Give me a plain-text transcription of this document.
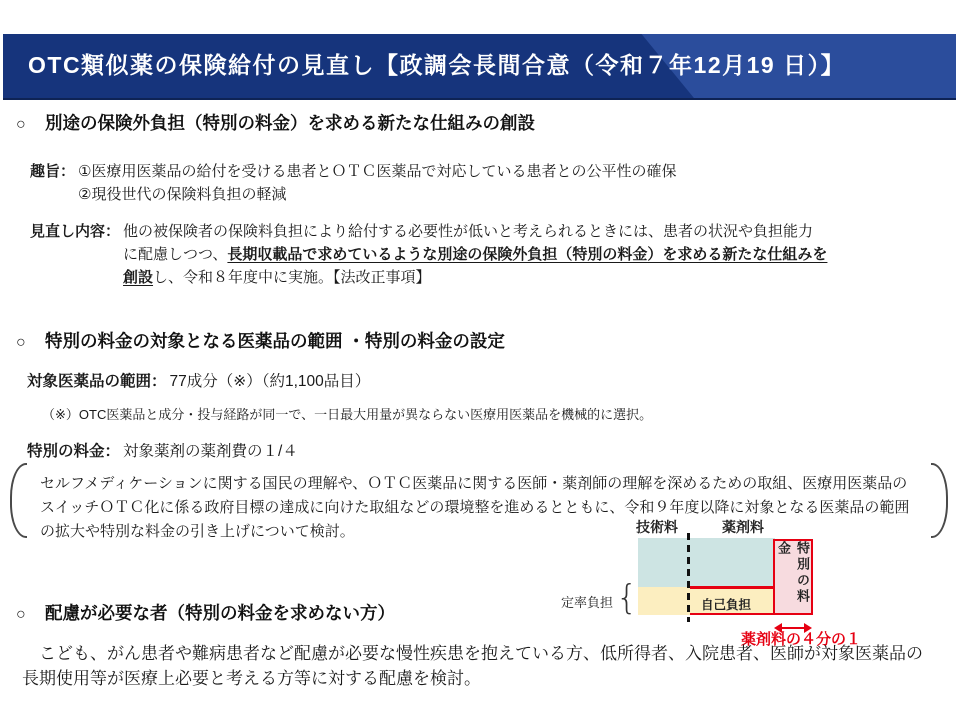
OTC類似薬の保険給付の見直し【政調会長間合意（令和７年12月19 日）】
○	別途の保険外負担（特別の料金）を求める新たな仕組みの創設
趣旨： ①医療用医薬品の給付を受ける患者とＯＴＣ医薬品で対応している患者との公平性の確保
②現役世代の保険料負担の軽減
見直し内容： 他の被保険者の保険料負担により給付する必要性が低いと考えられるときには、患者の状況や負担能力
に配慮しつつ、長期収載品で求めているような別途の保険外負担（特別の料金）を求める新たな仕組みを
創設し、令和８年度中に実施。【法改正事項】
○	特別の料金の対象となる医薬品の範囲 ・特別の料金の設定
対象医薬品の範囲： 77成分（※）（約1,100品目）
（※）OTC医薬品と成分・投与経路が同一で、一日最大用量が異ならない医療用医薬品を機械的に選択。
特別の料金： 対象薬剤の薬剤費の１/４
セルフメディケーションに関する国民の理解や、ＯＴＣ医薬品に関する医師・薬剤師の理解を深めるための取組、医療用医薬品の
スイッチＯＴＣ化に係る政府目標の達成に向けた取組などの環境整を進めるとともに、令和９年度以降に対象となる医薬品の範囲
の拡大や特別な料金の引き上げについて検討。	技術料	薬剤料
特別の料金
自己負担
{
定率負担
薬剤料の４分の１
○	配慮が必要な者（特別の料金を求めない方）
　こども、がん患者や難病患者など配慮が必要な慢性疾患を抱えている方、低所得者、入院患者、医師が対象医薬品の
長期使用等が医療上必要と考える方等に対する配慮を検討。
